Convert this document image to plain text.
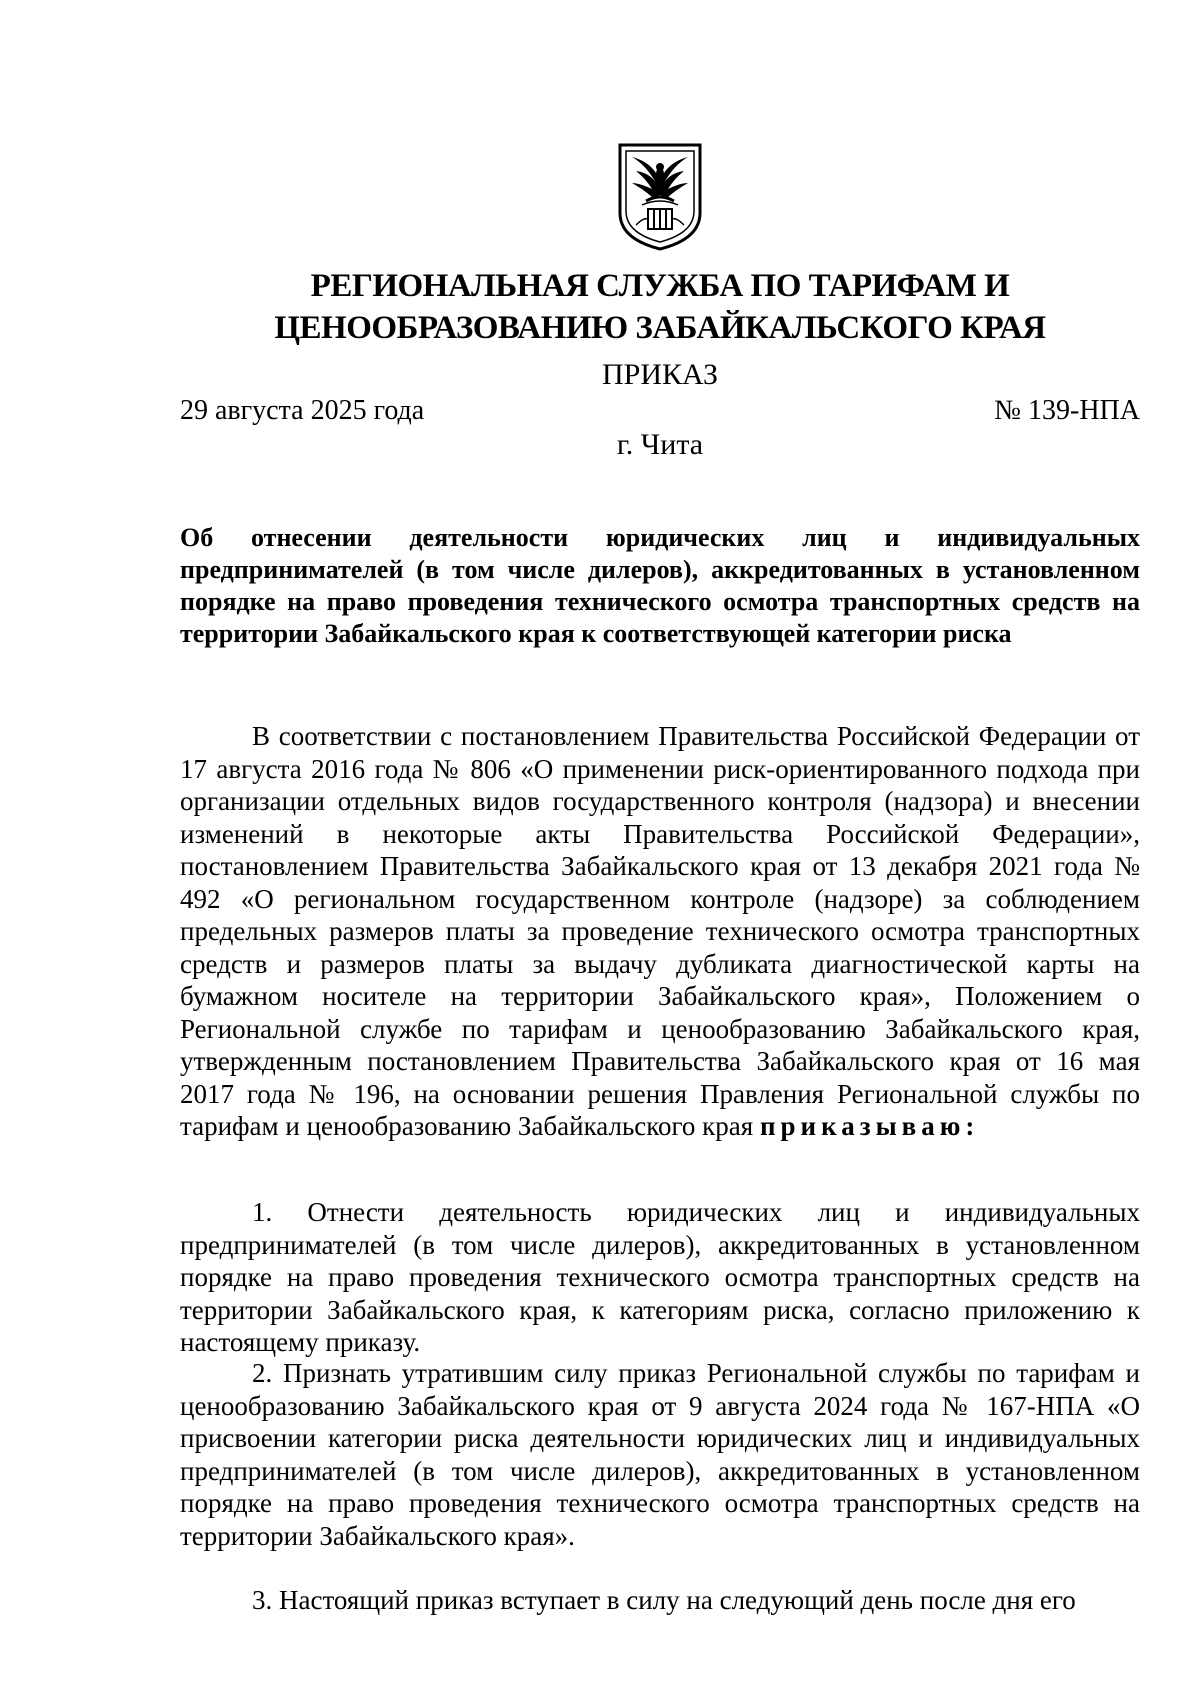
РЕГИОНАЛЬНАЯ СЛУЖБА ПО ТАРИФАМ И
ЦЕНООБРАЗОВАНИЮ ЗАБАЙКАЛЬСКОГО КРАЯ
ПРИКАЗ
29 августа 2025 года	№ 139-НПА
г. Чита
Об отнесении деятельности юридических лиц и индивидуальных предпринимателей (в том числе дилеров), аккредитованных в установленном порядке на право проведения технического осмотра транспортных средств на территории Забайкальского края к соответствующей категории риска
В соответствии с постановлением Правительства Российской Федерации от 17 августа 2016 года № 806 «О применении риск-ориентированного подхода при организации отдельных видов государственного контроля (надзора) и внесении изменений в некоторые акты Правительства Российской Федерации», постановлением Правительства Забайкальского края от 13 декабря 2021 года № 492 «О региональном государственном контроле (надзоре) за соблюдением предельных размеров платы за проведение технического осмотра транспортных средств и размеров платы за выдачу дубликата диагностической карты на бумажном носителе на территории Забайкальского края», Положением о Региональной службе по тарифам и ценообразованию Забайкальского края, утвержденным постановлением Правительства Забайкальского края от 16 мая 2017 года № 196, на основании решения Правления Региональной службы по тарифам и ценообразованию Забайкальского края приказываю:
1. Отнести деятельность юридических лиц и индивидуальных предпринимателей (в том числе дилеров), аккредитованных в установленном порядке на право проведения технического осмотра транспортных средств на территории Забайкальского края, к категориям риска, согласно приложению к настоящему приказу.
2. Признать утратившим силу приказ Региональной службы по тарифам и ценообразованию Забайкальского края от 9 августа 2024 года № 167-НПА «О присвоении категории риска деятельности юридических лиц и индивидуальных предпринимателей (в том числе дилеров), аккредитованных в установленном порядке на право проведения технического осмотра транспортных средств на территории Забайкальского края».
3. Настоящий приказ вступает в силу на следующий день после дня его
